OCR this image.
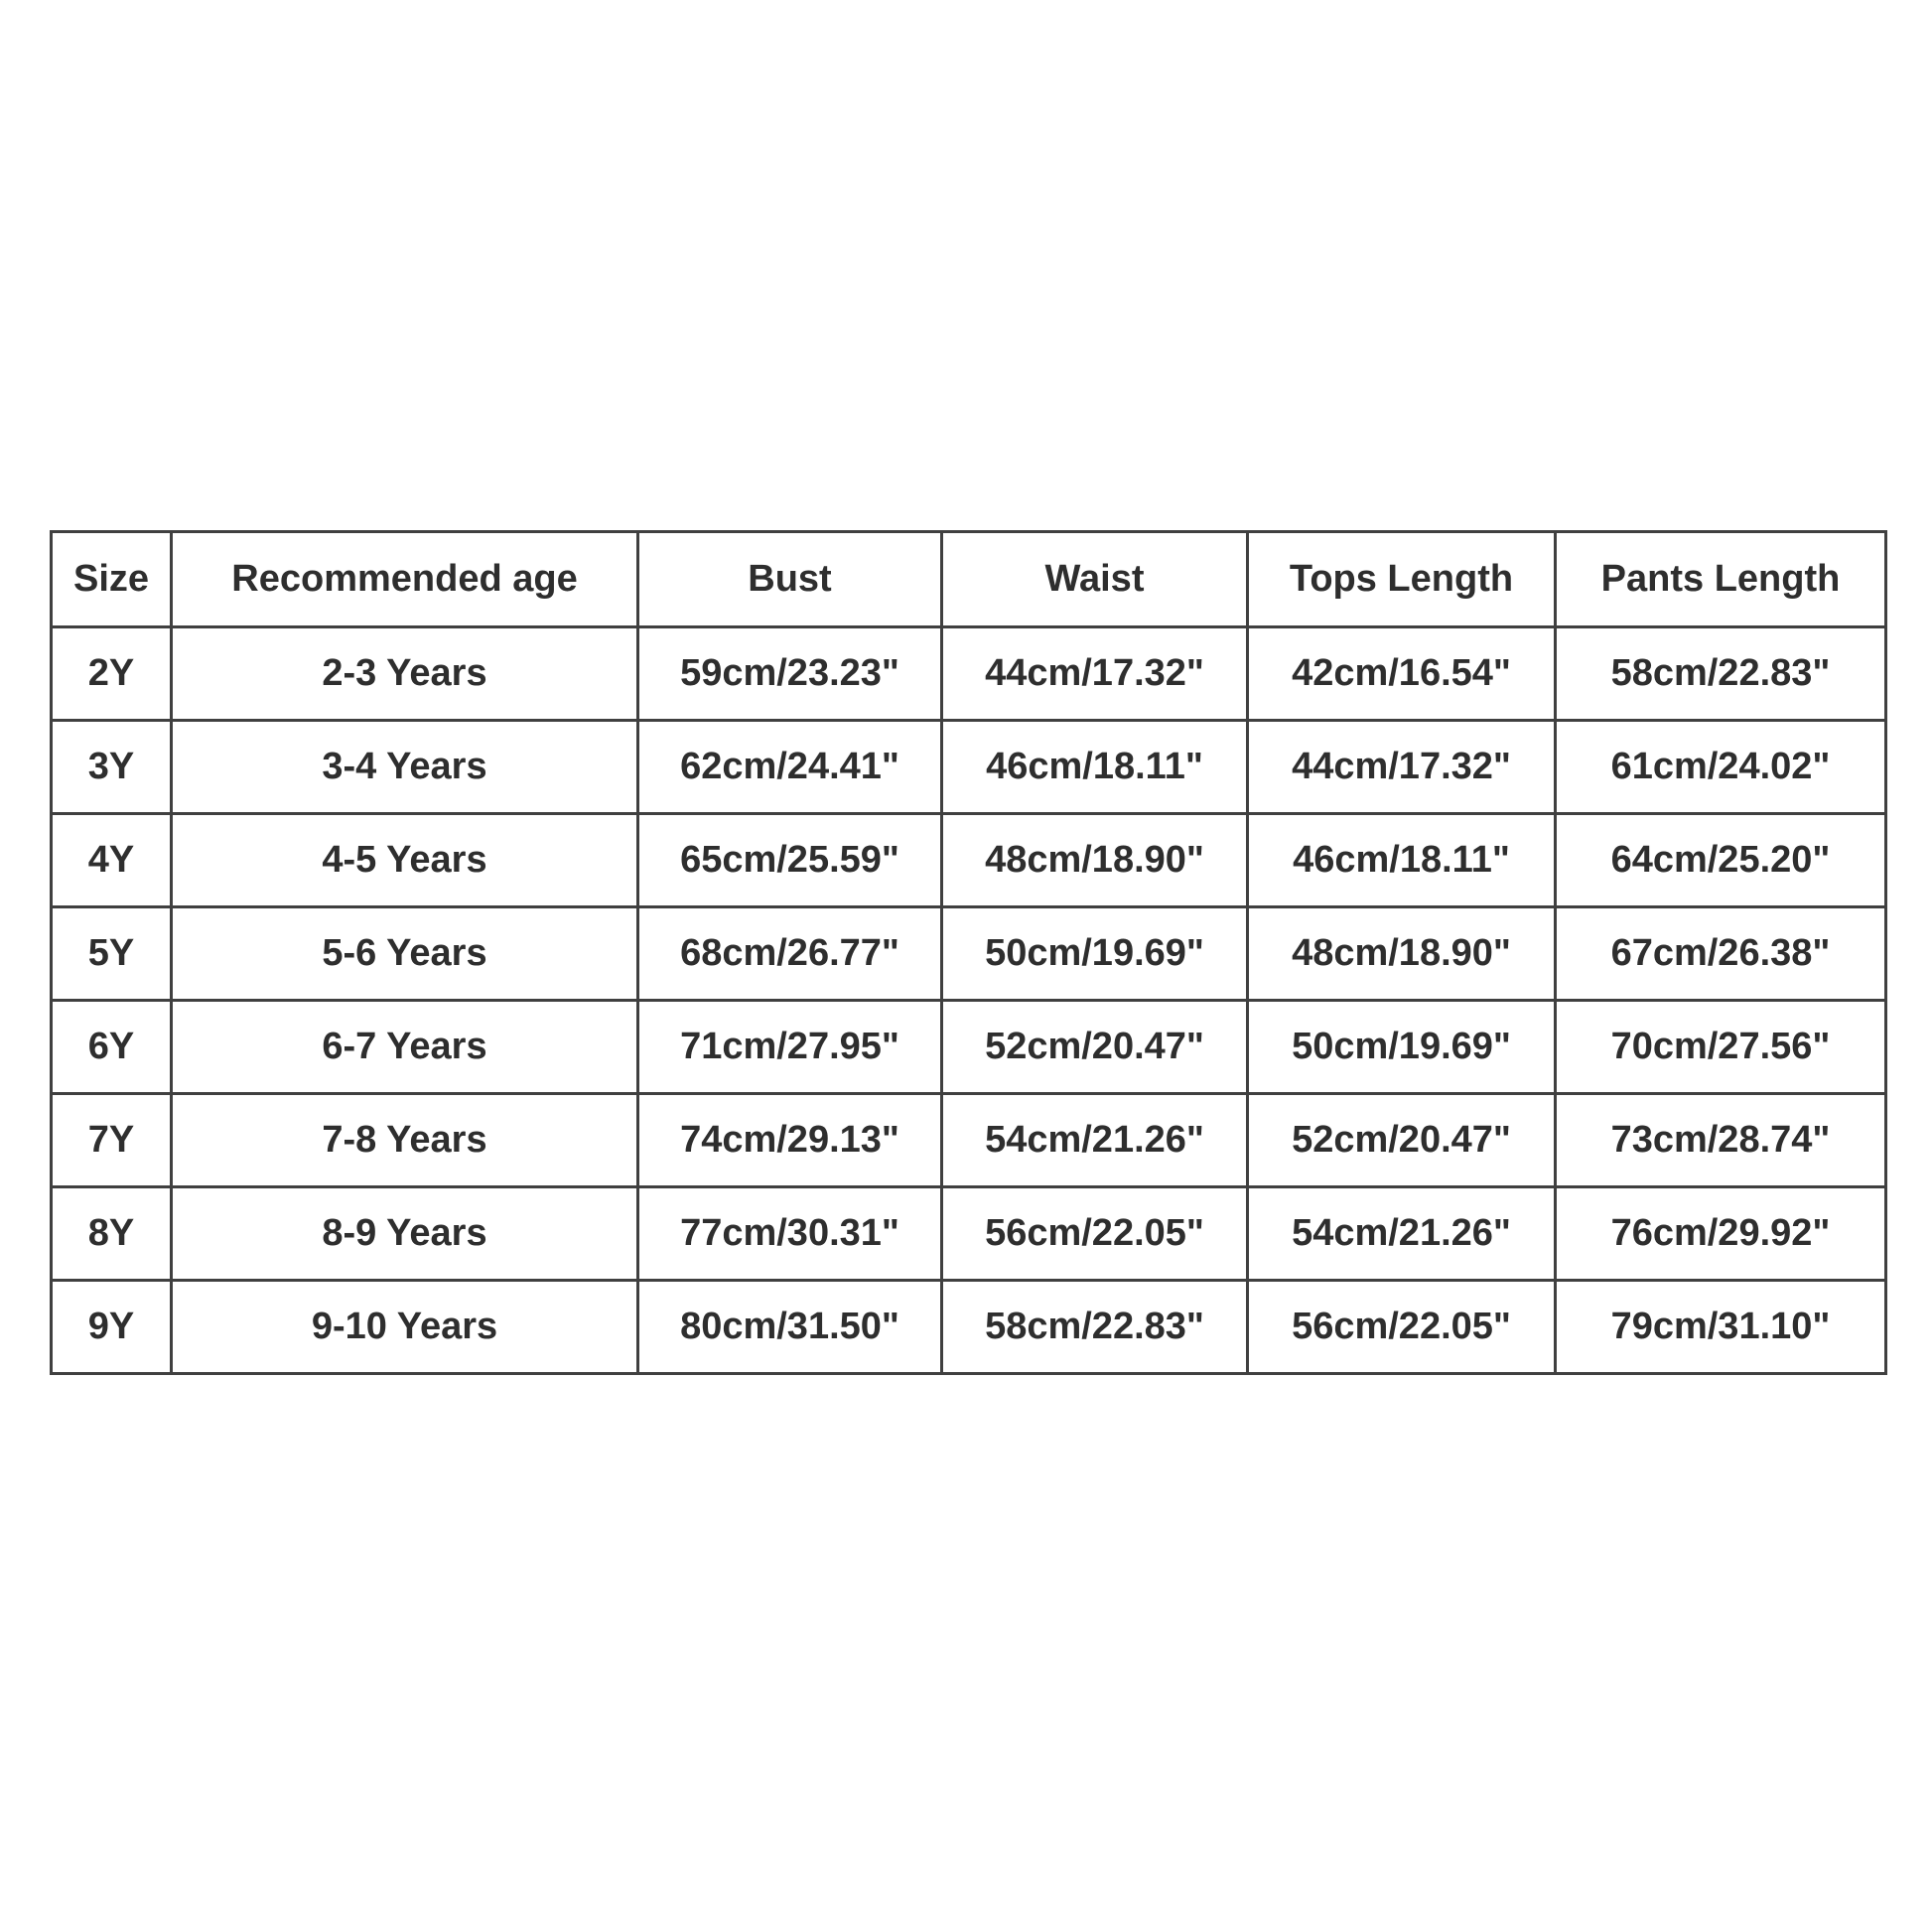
Size	Recommended age	Bust	Waist	Tops Length	Pants Length
2Y	2-3 Years	59cm/23.23"	44cm/17.32"	42cm/16.54"	58cm/22.83"
3Y	3-4 Years	62cm/24.41"	46cm/18.11"	44cm/17.32"	61cm/24.02"
4Y	4-5 Years	65cm/25.59"	48cm/18.90"	46cm/18.11"	64cm/25.20"
5Y	5-6 Years	68cm/26.77"	50cm/19.69"	48cm/18.90"	67cm/26.38"
6Y	6-7 Years	71cm/27.95"	52cm/20.47"	50cm/19.69"	70cm/27.56"
7Y	7-8 Years	74cm/29.13"	54cm/21.26"	52cm/20.47"	73cm/28.74"
8Y	8-9 Years	77cm/30.31"	56cm/22.05"	54cm/21.26"	76cm/29.92"
9Y	9-10 Years	80cm/31.50"	58cm/22.83"	56cm/22.05"	79cm/31.10"
